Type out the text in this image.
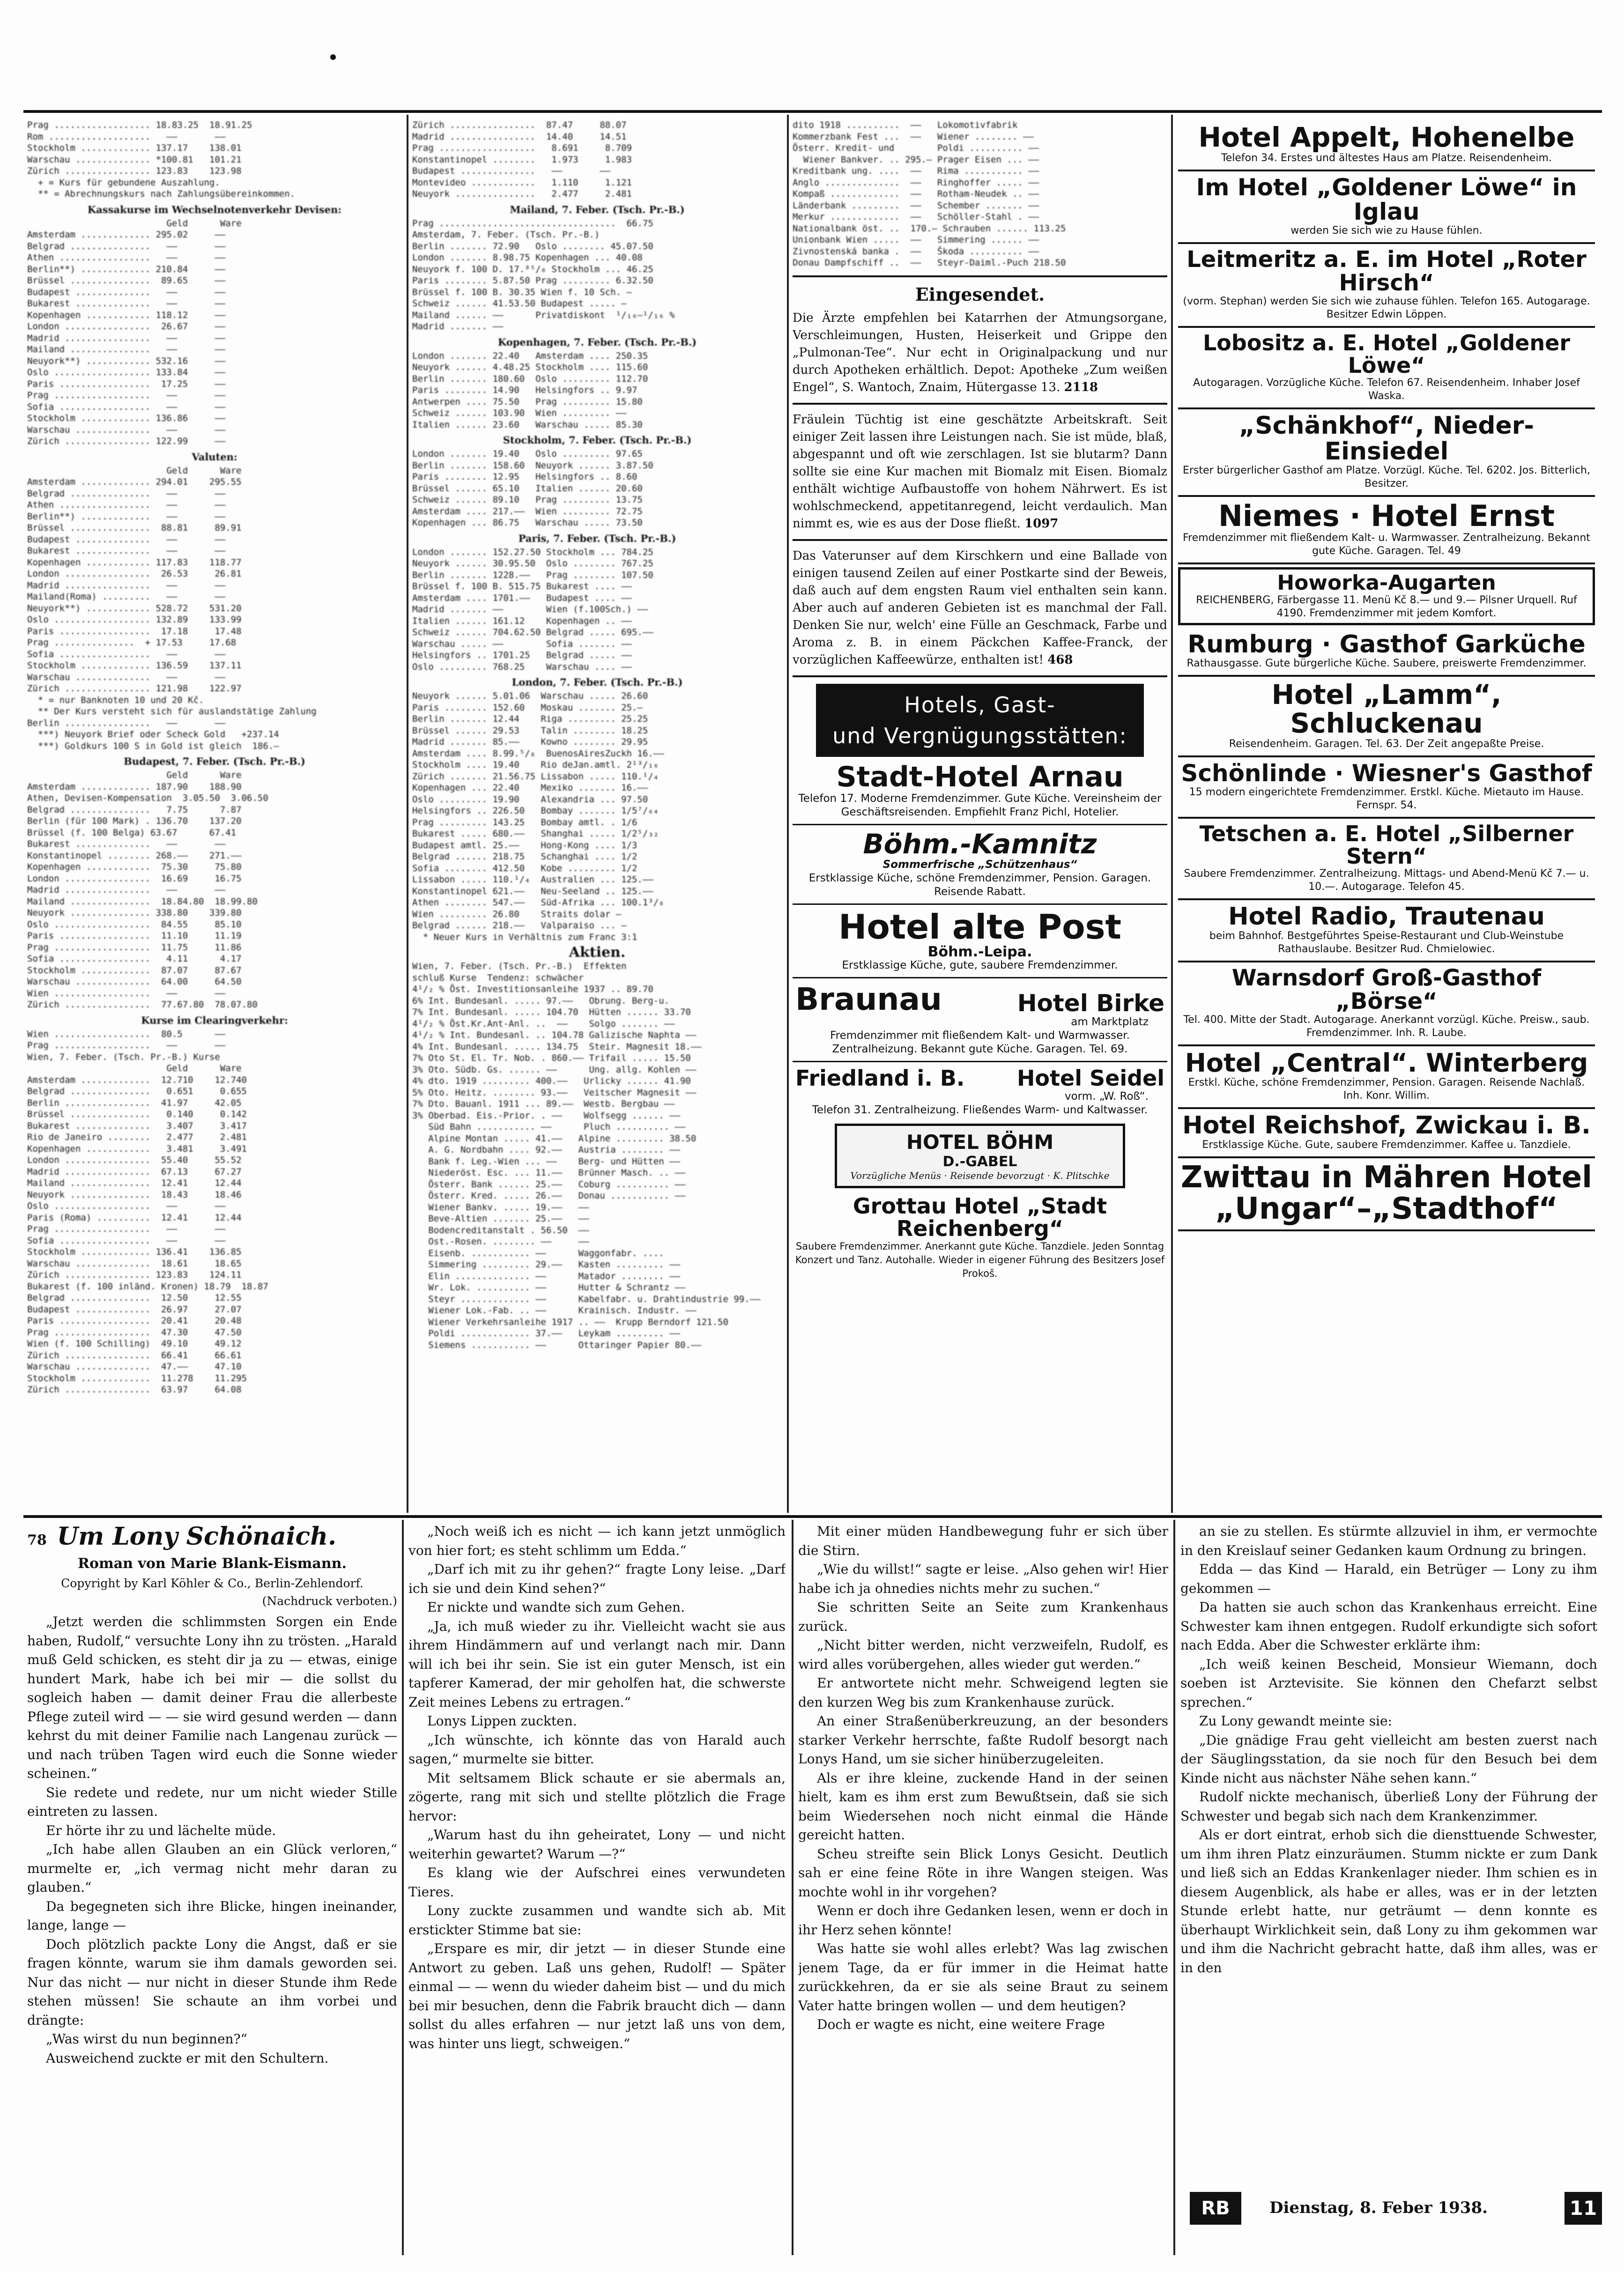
Prag .................. 18.83.25  18.91.25
Rom ...................   ——       ——
Stockholm ............. 137.17    138.01
Warschau .............. *100.81   101.21
Zürich ................ 123.83    123.98
+ = Kurs für gebundene Auszahlung.
** = Abrechnungskurs nach Zahlungsübereinkommen.
Kassakurse im Wechselnotenverkehr Devisen:
Geld      Ware
Amsterdam ............. 295.02     ——
Belgrad ...............   ——       ——
Athen .................   ——       ——
Berlin**) ............. 210.84     ——
Brüssel ...............  89.65     ——
Budapest ..............   ——       ——
Bukarest ..............   ——       ——
Kopenhagen ............ 118.12     ——
London ................  26.67     ——
Madrid ................   ——       ——
Mailand ...............   ——       ——
Neuyork**) ............ 532.16     ——
Oslo .................. 133.84     ——
Paris .................  17.25     ——
Prag ..................   ——       ——
Sofia .................   ——       ——
Stockholm ............. 136.86     ——
Warschau ..............   ——       ——
Zürich ................ 122.99     ——
Valuten:
Geld      Ware
Amsterdam ............. 294.01    295.55
Belgrad ...............   ——       ——
Athen .................   ——       ——
Berlin**) .............   ——       ——
Brüssel ...............  88.81     89.91
Budapest ..............   ——       ——
Bukarest ..............   ——       ——
Kopenhagen ............ 117.83    118.77
London ................  26.53     26.81
Madrid ................   ——       ——
Mailand(Roma) .........   ——       ——
Neuyork**) ............ 528.72    531.20
Oslo .................. 132.89    133.99
Paris .................  17.18     17.48
Prag ...............  + 17.53     17.68
Sofia .................   ——       ——
Stockholm ............. 136.59    137.11
Warschau ..............   ——       ——
Zürich ................ 121.98    122.97
* = nur Banknoten 10 und 20 Kč.
** Der Kurs versteht sich für auslandstätige Zahlung
Berlin ................   ——       ——
***) Neuyork Brief oder Scheck Gold   +237.14
***) Goldkurs 100 S in Gold ist gleich  186.—
Budapest, 7. Feber. (Tsch. Pr.-B.)
Geld      Ware
Amsterdam ............. 187.90    188.90
Athen, Devisen-Kompensation  3.05.50  3.06.50
Belgrad ...............   7.75      7.87
Berlin (für 100 Mark) . 136.70    137.20
Brüssel (f. 100 Belga) 63.67      67.41
Bukarest ..............   ——       ——
Konstantinopel ........ 268.——    271.——
Kopenhagen ............  75.30     75.80
London ................  16.69     16.75
Madrid ................   ——       ——
Mailand ...............  18.84.80  18.99.80
Neuyork ............... 338.80    339.80
Oslo ..................  84.55     85.10
Paris .................  11.10     11.19
Prag ..................  11.75     11.86
Sofia .................   4.11      4.17
Stockholm .............  87.07     87.67
Warschau ..............  64.00     64.50
Wien ..................   ——       ——
Zürich ................  77.67.80  78.07.80
Kurse im Clearingverkehr:
Wien ..................  80.5      ——
Prag ..................   ——       ——
Wien, 7. Feber. (Tsch. Pr.-B.) Kurse
Geld      Ware
Amsterdam .............  12.710    12.740
Belgrad ...............   0.651     0.655
Berlin ................  41.97     42.05
Brüssel ...............   0.140     0.142
Bukarest ..............   3.407     3.417
Rio de Janeiro ........   2.477     2.481
Kopenhagen ............   3.481     3.491
London ................  55.40     55.52
Madrid ................  67.13     67.27
Mailand ...............  12.41     12.44
Neuyork ...............  18.43     18.46
Oslo ..................   ——       ——
Paris (Roma) ..........  12.41     12.44
Prag ..................   ——       ——
Sofia .................   ——       ——
Stockholm ............. 136.41    136.85
Warschau ..............  18.61     18.65
Zürich ................ 123.83    124.11
Bukarest (f. 100 inländ. Kronen) 18.79  18.87
Belgrad ...............  12.50     12.55
Budapest ..............  26.97     27.07
Paris .................  20.41     20.48
Prag ..................  47.30     47.50
Wien (f. 100 Schilling)  49.10     49.12
Zürich ................  66.41     66.61
Warschau ..............  47.——     47.10
Stockholm .............  11.278    11.295
Zürich ................  63.97     64.08
Zürich ................  87.47     88.07
Madrid ................  14.40     14.51
Prag ..................   8.691     8.709
Konstantinopel ........   1.973     1.983
Budapest ..............   ——       ——
Montevideo ............   1.110     1.121
Neuyork ...............   2.477     2.481
Mailand, 7. Feber. (Tsch. Pr.-B.)
Prag .................................  66.75
Amsterdam, 7. Feber. (Tsch. Pr.-B.)
Berlin ....... 72.90   Oslo ........ 45.07.50
London ....... 8.98.75 Kopenhagen ... 40.08
Neuyork f. 100 D. 17.⁸⁵/₈ Stockholm ... 46.25
Paris ........ 5.87.50 Prag ......... 6.32.50
Brüssel f. 100 B. 30.35 Wien f. 10 Sch. —
Schweiz ...... 41.53.50 Budapest ..... —
Mailand ...... ——      Privatdiskont  ¹/₁₆—¹/₁₆ %
Madrid ....... ——
Kopenhagen, 7. Feber. (Tsch. Pr.-B.)
London ....... 22.40   Amsterdam .... 250.35
Neuyork ...... 4.48.25 Stockholm .... 115.60
Berlin ....... 180.60  Oslo ......... 112.70
Paris ........ 14.90   Helsingfors .. 9.97
Antwerpen .... 75.50   Prag ......... 15.80
Schweiz ...... 103.90  Wien ......... ——
Italien ...... 23.60   Warschau ..... 85.30
Stockholm, 7. Feber. (Tsch. Pr.-B.)
London ....... 19.40   Oslo ......... 97.65
Berlin ....... 158.60  Neuyork ...... 3.87.50
Paris ........ 12.95   Helsingfors .. 8.60
Brüssel ...... 65.10   Italien ...... 20.60
Schweiz ...... 89.10   Prag ......... 13.75
Amsterdam .... 217.——  Wien ......... 72.75
Kopenhagen ... 86.75   Warschau ..... 73.50
Paris, 7. Feber. (Tsch. Pr.-B.)
London ....... 152.27.50 Stockholm ... 784.25
Neuyork ...... 30.95.50  Oslo ........ 767.25
Berlin ....... 1228.——   Prag ........ 107.50
Brüssel f. 100 B. 515.75 Bukarest .... ——
Amsterdam .... 1701.——   Budapest .... ——
Madrid ....... ——        Wien (f.100Sch.) ——
Italien ...... 161.12    Kopenhagen .. ——
Schweiz ...... 704.62.50 Belgrad ..... 695.——
Warschau ..... ——        Sofia ....... ——
Helsingfors .. 1701.25   Belgrad ..... ——
Oslo ......... 768.25    Warschau .... ——
London, 7. Feber. (Tsch. Pr.-B.)
Neuyork ...... 5.01.06  Warschau ..... 26.60
Paris ........ 152.60   Moskau ....... 25.—
Berlin ....... 12.44    Riga ......... 25.25
Brüssel ...... 29.53    Talin ........ 18.25
Madrid ....... 85.——    Kowno ........ 29.95
Amsterdam .... 8.99.⁵/₈  BuenosAiresZuckh 16.——
Stockholm .... 19.40    Rio deJan.amtl. 2¹³/₁₆
Zürich ....... 21.56.75 Lissabon ..... 110.¹/₄
Kopenhagen ... 22.40    Mexiko ....... 16.——
Oslo ......... 19.90    Alexandria ... 97.50
Helsingfors .. 226.50   Bombay ....... 1/5⁷/₆₄
Prag ......... 143.25   Bombay amtl. . 1/6
Bukarest ..... 680.——   Shanghai ..... 1/2⁵/₃₂
Budapest amtl. 25.——    Hong-Kong .... 1/3
Belgrad ...... 218.75   Schanghai .... 1/2
Sofia ........ 412.50   Kobe ......... 1/2
Lissabon ..... 110.¹/₄  Australien ... 125.——
Konstantinopel 621.——   Neu-Seeland .. 125.——
Athen ........ 547.——   Süd-Afrika ... 100.1³/₈
Wien ......... 26.80    Straits dolar —
Belgrad ...... 218.——   Valparaiso ... —
* Neuer Kurs in Verhältnis zum Franc 3:1
Aktien.
Wien, 7. Feber. (Tsch. Pr.-B.)  Effekten
schluß Kurse  Tendenz: schwächer
4¹/₂ % Öst. Investitionsanleihe 1937 .. 89.70
6% Int. Bundesanl. ..... 97.——   Obrung. Berg-u.
7% Int. Bundesanl. ..... 104.70  Hütten ...... 33.70
4¹/₂ % Öst.Kr.Ant-Anl. ..  ——    Solgo ....... ——
4¹/₂ % Int. Bundesanl. .. 104.78 Galizische Naphta ——
4% Int. Bundesanl. ..... 134.75  Steir. Magnesit 18.——
7% Oto St. El. Tr. Nob. . 860.—— Trifail ..... 15.50
3% Oto. Südb. Gs. ...... ——      Ung. allg. Kohlen ——
4% dto. 1919 ......... 400.——   Urlicky ...... 41.90
5% Oto. Heitz. ........ 93.——   Veitscher Magnesit ——
7% Dto. Bauanl. 1911 ... 89.——  Westb. Bergbau ——
3% Oberbad. Eis.-Prior. . ——    Wolfsegg ...... ——
Süd Bahn ........... ——      Pluch .......... ——
Alpine Montan ..... 41.——   Alpine ......... 38.50
A. G. Nordbahn .... 92.——   Austria ........ ——
Bank f. Leg.-Wien ... ——    Berg- und Hütten ——
Niederöst. Esc. ... 11.——   Brünner Masch. .. ——
Österr. Bank ...... 25.——   Coburg .......... ——
Österr. Kred. ..... 26.——   Donau ........... ——
Wiener Bankv. ..... 19.——   ——
Beve-Altien ....... 25.——   ——
Bodencreditanstalt . 56.50  ——
Ost.-Rosen. ........ ——     ——
Eisenb. ........... ——      Waggonfabr. ....
Simmering ......... 29.——   Kasten ......... ——
Elin .............. ——      Matador ........ ——
Wr. Lok. .......... ——      Hutter & Schrantz ——
Steyr ............. ——      Kabelfabr. u. Drahtindustrie 99.——
Wiener Lok.-Fab. .. ——      Krainisch. Industr. ——
Wiener Verkehrsanleihe 1917 .. ——  Krupp Berndorf 121.50
Poldi ............. 37.——   Leykam ......... ——
Siemens ........... ——      Ottaringer Papier 80.——
dito 1918 ..........  ——   Lokomotivfabrik
Kommerzbank Fest ...  ——   Wiener ........ ——
Österr. Kredit- und        Poldi .......... ——
Wiener Bankver. .. 295.— Prager Eisen ... ——
Kreditbank ung. ....  ——   Rima ........... ——
Anglo ..............  ——   Ringhoffer ..... ——
Kompaß .............  ——   Rotham-Neudek .. ——
Länderbank .........  ——   Schember ....... ——
Merkur .............  ——   Schöller-Stahl . ——
Nationalbank öst. ..  170.— Schrauben ...... 113.25
Unionbank Wien .....  ——   Simmering ...... ——
Zivnostenská banka .  ——   Škoda .......... ——
Donau Dampfschiff ..  ——   Steyr-Daiml.-Puch 218.50
Eingesendet.
Die Ärzte empfehlen bei Katarrhen der Atmungsorgane, Verschleimungen, Husten, Heiserkeit und Grippe den „Pulmonan-Tee“. Nur echt in Originalpackung und nur durch Apotheken erhältlich. Depot: Apotheke „Zum weißen Engel“, S. Wantoch, Znaim, Hütergasse 13. 2118
Fräulein Tüchtig ist eine geschätzte Arbeitskraft. Seit einiger Zeit lassen ihre Leistungen nach. Sie ist müde, blaß, abgespannt und oft wie zerschlagen. Ist sie blutarm? Dann sollte sie eine Kur machen mit Biomalz mit Eisen. Biomalz enthält wichtige Aufbaustoffe von hohem Nährwert. Es ist wohlschmeckend, appetitanregend, leicht verdaulich. Man nimmt es, wie es aus der Dose fließt. 1097
Das Vaterunser auf dem Kirschkern und eine Ballade von einigen tausend Zeilen auf einer Postkarte sind der Beweis, daß auch auf dem engsten Raum viel enthalten sein kann. Aber auch auf anderen Gebieten ist es manchmal der Fall. Denken Sie nur, welch' eine Fülle an Geschmack, Farbe und Aroma z. B. in einem Päckchen Kaffee-Franck, der vorzüglichen Kaffeewürze, enthalten ist! 468
Hotels, Gast-
und Vergnügungsstätten:
Stadt-Hotel Arnau
Telefon 17. Moderne Fremdenzimmer. Gute Küche. Vereinsheim der Geschäftsreisenden. Empfiehlt Franz Pichl, Hotelier.
Böhm.-Kamnitz
Sommerfrische „Schützenhaus“
Erstklassige Küche, schöne Fremdenzimmer, Pension. Garagen. Reisende Rabatt.
Hotel alte Post
Böhm.-Leipa.
Erstklassige Küche, gute, saubere Fremdenzimmer.
Braunau	Hotel Birke
am Marktplatz
Fremdenzimmer mit fließendem Kalt- und Warmwasser. Zentralheizung. Bekannt gute Küche. Garagen. Tel. 69.
Friedland i. B. Hotel Seidel
vorm. „W. Roß“.
Telefon 31. Zentralheizung. Fließendes Warm- und Kaltwasser.
HOTEL BÖHM
D.-GABEL
Vorzügliche Menüs · Reisende bevorzugt · K. Plitschke
Grottau Hotel „Stadt Reichenberg“
Saubere Fremdenzimmer. Anerkannt gute Küche. Tanzdiele. Jeden Sonntag Konzert und Tanz. Autohalle. Wieder in eigener Führung des Besitzers Josef Prokoš.
Hotel Appelt, Hohenelbe
Telefon 34. Erstes und ältestes Haus am Platze. Reisendenheim.
Im Hotel „Goldener Löwe“ in Iglau
werden Sie sich wie zu Hause fühlen.
Leitmeritz a. E. im Hotel „Roter Hirsch“
(vorm. Stephan) werden Sie sich wie zuhause fühlen. Telefon 165. Autogarage. Besitzer Edwin Löppen.
Lobositz a. E. Hotel „Goldener Löwe“
Autogaragen. Vorzügliche Küche. Telefon 67. Reisendenheim. Inhaber Josef Waska.
„Schänkhof“, Nieder-Einsiedel
Erster bürgerlicher Gasthof am Platze. Vorzügl. Küche. Tel. 6202. Jos. Bitterlich, Besitzer.
Niemes · Hotel Ernst
Fremdenzimmer mit fließendem Kalt- u. Warmwasser. Zentralheizung. Bekannt gute Küche. Garagen. Tel. 49
Howorka-Augarten
REICHENBERG, Färbergasse 11. Menü Kč 8.— und 9.— Pilsner Urquell. Ruf 4190. Fremdenzimmer mit jedem Komfort.
Rumburg · Gasthof Garküche
Rathausgasse. Gute bürgerliche Küche. Saubere, preiswerte Fremdenzimmer.
Hotel „Lamm“, Schluckenau
Reisendenheim. Garagen. Tel. 63. Der Zeit angepaßte Preise.
Schönlinde · Wiesner's Gasthof
15 modern eingerichtete Fremdenzimmer. Erstkl. Küche. Mietauto im Hause. Fernspr. 54.
Tetschen a. E. Hotel „Silberner Stern“
Saubere Fremdenzimmer. Zentralheizung. Mittags- und Abend-Menü Kč 7.— u. 10.—. Autogarage. Telefon 45.
Hotel Radio, Trautenau
beim Bahnhof. Bestgeführtes Speise-Restaurant und Club-Weinstube Rathauslaube. Besitzer Rud. Chmielowiec.
Warnsdorf Groß-Gasthof „Börse“
Tel. 400. Mitte der Stadt. Autogarage. Anerkannt vorzügl. Küche. Preisw., saub. Fremdenzimmer. Inh. R. Laube.
Hotel „Central“. Winterberg
Erstkl. Küche, schöne Fremdenzimmer, Pension. Garagen. Reisende Nachlaß. Inh. Konr. Willim.
Hotel Reichshof, Zwickau i. B.
Erstklassige Küche. Gute, saubere Fremdenzimmer. Kaffee u. Tanzdiele.
Zwittau in Mähren Hotel „Ungar“–„Stadthof“
78 Um Lony Schönaich.
Roman von Marie Blank-Eismann.
Copyright by Karl Köhler & Co., Berlin-Zehlendorf.
(Nachdruck verboten.)

„Jetzt werden die schlimmsten Sorgen ein Ende haben, Rudolf,“ versuchte Lony ihn zu trösten. „Harald muß Geld schicken, es steht dir ja zu — etwas, einige hundert Mark, habe ich bei mir — die sollst du sogleich haben — damit deiner Frau die allerbeste Pflege zuteil wird — — sie wird gesund werden — dann kehrst du mit deiner Familie nach Langenau zurück — und nach trüben Tagen wird euch die Sonne wieder scheinen.“

Sie redete und redete, nur um nicht wieder Stille eintreten zu lassen.

Er hörte ihr zu und lächelte müde.

„Ich habe allen Glauben an ein Glück verloren,“ murmelte er, „ich vermag nicht mehr daran zu glauben.“

Da begegneten sich ihre Blicke, hingen ineinander, lange, lange —

Doch plötzlich packte Lony die Angst, daß er sie fragen könnte, warum sie ihm damals geworden sei. Nur das nicht — nur nicht in dieser Stunde ihm Rede stehen müssen! Sie schaute an ihm vorbei und drängte:

„Was wirst du nun beginnen?“

Ausweichend zuckte er mit den Schultern.

„Noch weiß ich es nicht — ich kann jetzt unmöglich von hier fort; es steht schlimm um Edda.“

„Darf ich mit zu ihr gehen?“ fragte Lony leise. „Darf ich sie und dein Kind sehen?“

Er nickte und wandte sich zum Gehen.

„Ja, ich muß wieder zu ihr. Vielleicht wacht sie aus ihrem Hindämmern auf und verlangt nach mir. Dann will ich bei ihr sein. Sie ist ein guter Mensch, ist ein tapferer Kamerad, der mir geholfen hat, die schwerste Zeit meines Lebens zu ertragen.“

Lonys Lippen zuckten.

„Ich wünschte, ich könnte das von Harald auch sagen,“ murmelte sie bitter.

Mit seltsamem Blick schaute er sie abermals an, zögerte, rang mit sich und stellte plötzlich die Frage hervor:

„Warum hast du ihn geheiratet, Lony — und nicht weiterhin gewartet? Warum —?“

Es klang wie der Aufschrei eines verwundeten Tieres.

Lony zuckte zusammen und wandte sich ab. Mit erstickter Stimme bat sie:

„Erspare es mir, dir jetzt — in dieser Stunde eine Antwort zu geben. Laß uns gehen, Rudolf! — Später einmal — — wenn du wieder daheim bist — und du mich bei mir besuchen, denn die Fabrik braucht dich — dann sollst du alles erfahren — nur jetzt laß uns von dem, was hinter uns liegt, schweigen.“

Mit einer müden Handbewegung fuhr er sich über die Stirn.

„Wie du willst!“ sagte er leise. „Also gehen wir! Hier habe ich ja ohnedies nichts mehr zu suchen.“

Sie schritten Seite an Seite zum Krankenhaus zurück.

„Nicht bitter werden, nicht verzweifeln, Rudolf, es wird alles vorübergehen, alles wieder gut werden.“

Er antwortete nicht mehr. Schweigend legten sie den kurzen Weg bis zum Krankenhause zurück.

An einer Straßenüberkreuzung, an der besonders starker Verkehr herrschte, faßte Rudolf besorgt nach Lonys Hand, um sie sicher hinüberzugeleiten.

Als er ihre kleine, zuckende Hand in der seinen hielt, kam es ihm erst zum Bewußtsein, daß sie sich beim Wiedersehen noch nicht einmal die Hände gereicht hatten.

Scheu streifte sein Blick Lonys Gesicht. Deutlich sah er eine feine Röte in ihre Wangen steigen. Was mochte wohl in ihr vorgehen?

Wenn er doch ihre Gedanken lesen, wenn er doch in ihr Herz sehen könnte!

Was hatte sie wohl alles erlebt? Was lag zwischen jenem Tage, da er für immer in die Heimat hatte zurückkehren, da er sie als seine Braut zu seinem Vater hatte bringen wollen — und dem heutigen?

Doch er wagte es nicht, eine weitere Frage

an sie zu stellen. Es stürmte allzuviel in ihm, er vermochte in den Kreislauf seiner Gedanken kaum Ordnung zu bringen.

Edda — das Kind — Harald, ein Betrüger — Lony zu ihm gekommen —

Da hatten sie auch schon das Krankenhaus erreicht. Eine Schwester kam ihnen entgegen. Rudolf erkundigte sich sofort nach Edda. Aber die Schwester erklärte ihm:

„Ich weiß keinen Bescheid, Monsieur Wiemann, doch soeben ist Arztevisite. Sie können den Chefarzt selbst sprechen.“

Zu Lony gewandt meinte sie:

„Die gnädige Frau geht vielleicht am besten zuerst nach der Säuglingsstation, da sie noch für den Besuch bei dem Kinde nicht aus nächster Nähe sehen kann.“

Rudolf nickte mechanisch, überließ Lony der Führung der Schwester und begab sich nach dem Krankenzimmer.

Als er dort eintrat, erhob sich die diensttuende Schwester, um ihm ihren Platz einzuräumen. Stumm nickte er zum Dank und ließ sich an Eddas Krankenlager nieder. Ihm schien es in diesem Augenblick, als habe er alles, was er in der letzten Stunde erlebt hatte, nur geträumt — denn konnte es überhaupt Wirklichkeit sein, daß Lony zu ihm gekommen war und ihm die Nachricht gebracht hatte, daß ihm alles, was er in den

RB	Dienstag, 8. Feber 1938.	11
